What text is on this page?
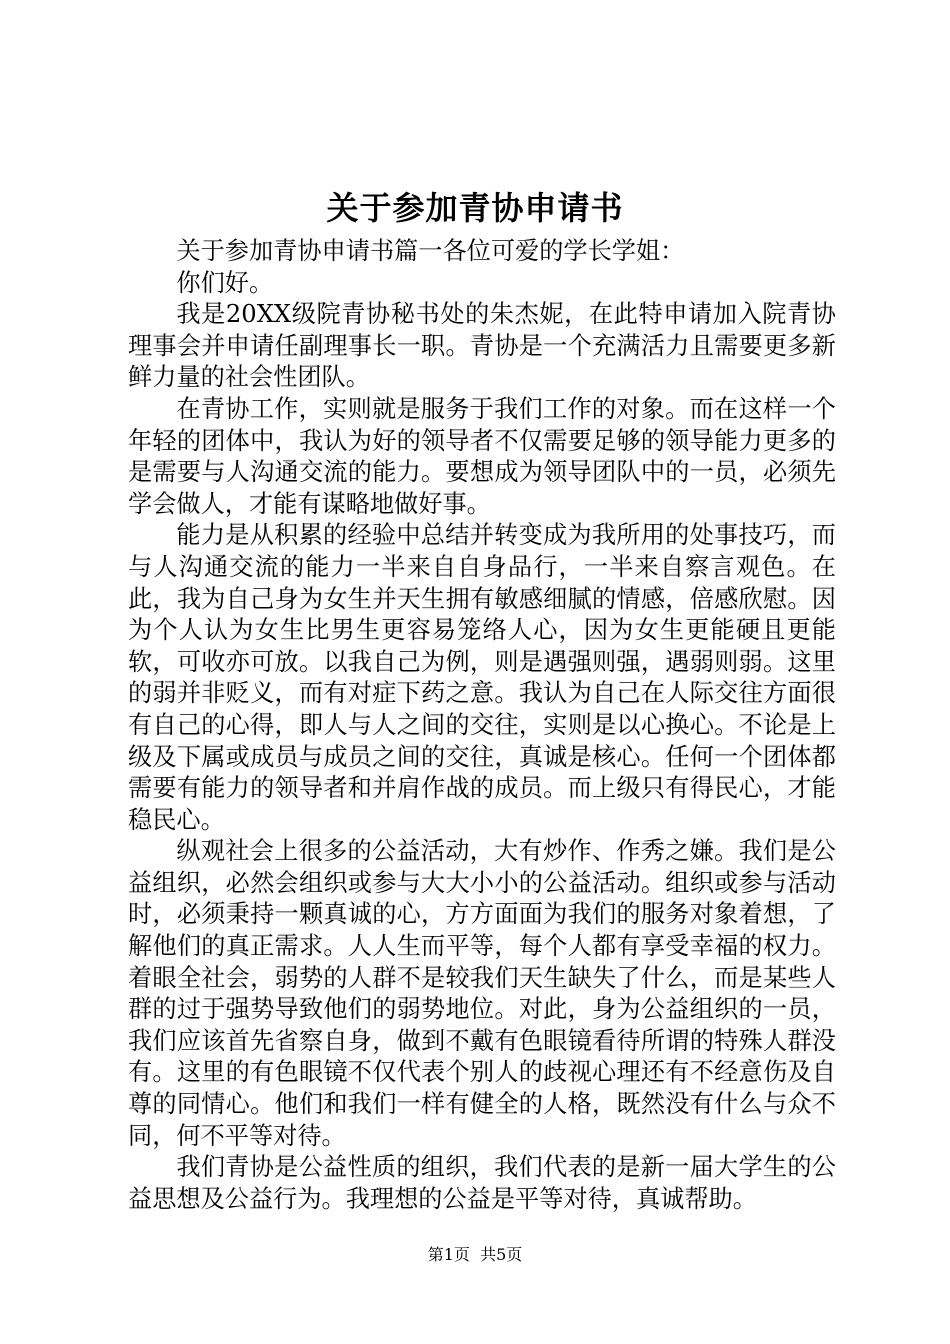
关于参加青协申请书

关于参加青协申请书篇一各位可爱的学长学姐：

你们好。

我是20XX级院青协秘书处的朱杰妮，在此特申请加入院青协理事会并申请任副理事长一职。青协是一个充满活力且需要更多新鲜力量的社会性团队。

在青协工作，实则就是服务于我们工作的对象。而在这样一个年轻的团体中，我认为好的领导者不仅需要足够的领导能力更多的是需要与人沟通交流的能力。要想成为领导团队中的一员，必须先学会做人，才能有谋略地做好事。

能力是从积累的经验中总结并转变成为我所用的处事技巧，而与人沟通交流的能力一半来自自身品行，一半来自察言观色。在此，我为自己身为女生并天生拥有敏感细腻的情感，倍感欣慰。因为个人认为女生比男生更容易笼络人心，因为女生更能硬且更能软，可收亦可放。以我自己为例，则是遇强则强，遇弱则弱。这里的弱并非贬义，而有对症下药之意。我认为自己在人际交往方面很有自己的心得，即人与人之间的交往，实则是以心换心。不论是上级及下属或成员与成员之间的交往，真诚是核心。任何一个团体都需要有能力的领导者和并肩作战的成员。而上级只有得民心，才能稳民心。

纵观社会上很多的公益活动，大有炒作、作秀之嫌。我们是公益组织，必然会组织或参与大大小小的公益活动。组织或参与活动时，必须秉持一颗真诚的心，方方面面为我们的服务对象着想，了解他们的真正需求。人人生而平等，每个人都有享受幸福的权力。着眼全社会，弱势的人群不是较我们天生缺失了什么，而是某些人群的过于强势导致他们的弱势地位。对此，身为公益组织的一员，我们应该首先省察自身，做到不戴有色眼镜看待所谓的特殊人群没有。这里的有色眼镜不仅代表个别人的歧视心理还有不经意伤及自尊的同情心。他们和我们一样有健全的人格，既然没有什么与众不同，何不平等对待。

我们青协是公益性质的组织，我们代表的是新一届大学生的公益思想及公益行为。我理想的公益是平等对待，真诚帮助。

第1页 共5页
